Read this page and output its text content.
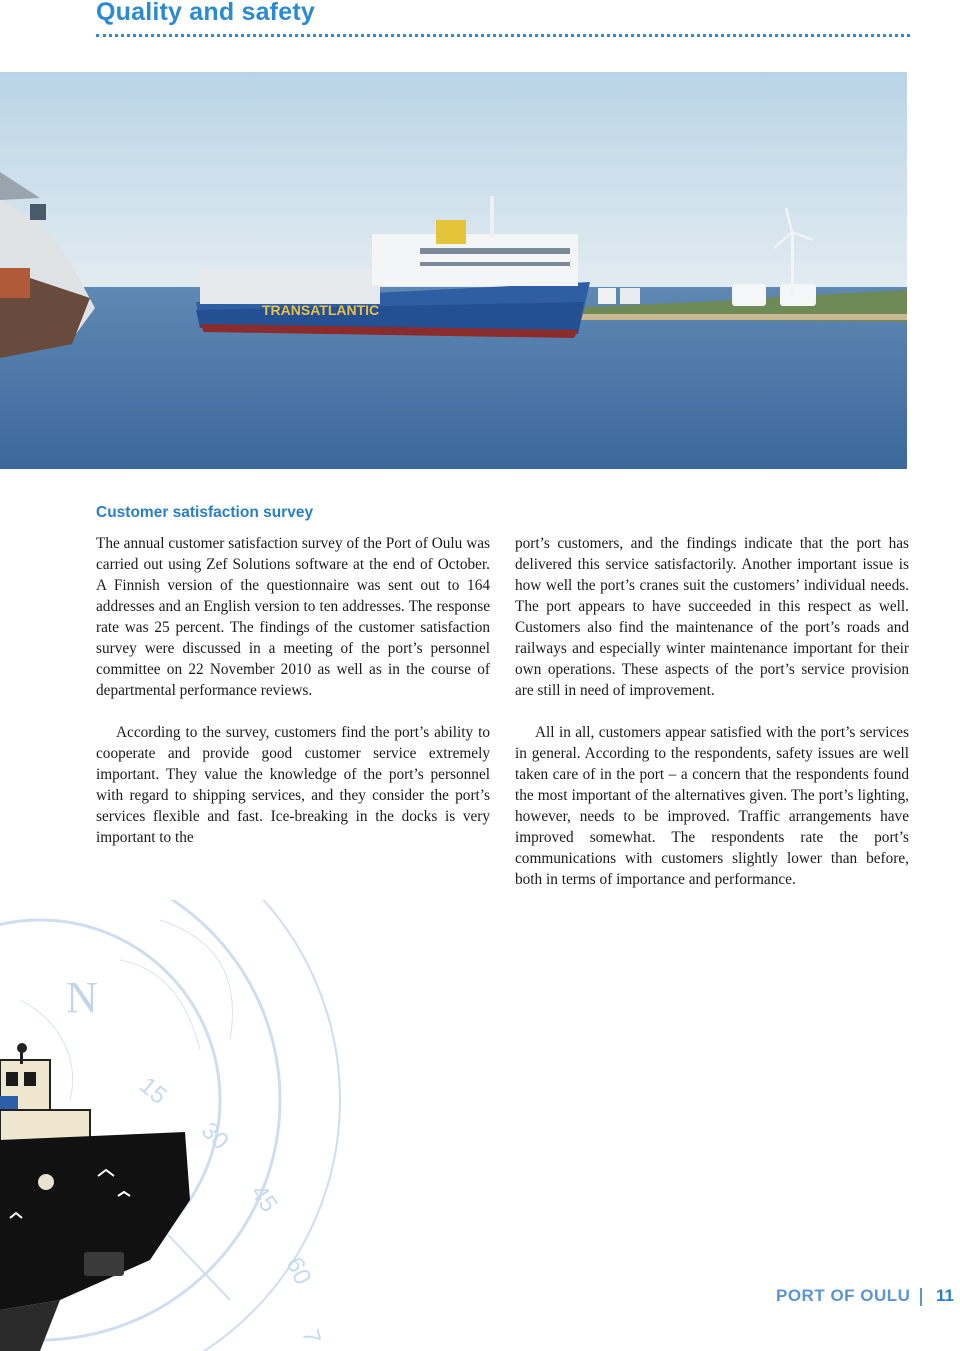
Quality and safety
TRANSATLANTIC
Customer satisfaction survey

The annual customer satisfaction survey of the Port of Oulu was carried out using Zef Solutions software at the end of October. A Finnish version of the questionnaire was sent out to 164 addresses and an English version to ten addresses. The response rate was 25 percent. The findings of the customer satisfaction survey were discussed in a meeting of the port’s personnel committee on 22 November 2010 as well as in the course of departmental performance reviews.

According to the survey, customers find the port’s ability to cooperate and provide good customer service extremely important. They value the knowledge of the port’s personnel with regard to shipping services, and they consider the port’s services flexible and fast. Ice-breaking in the docks is very important to the

port’s customers, and the findings indicate that the port has delivered this service satisfactorily. Another important issue is how well the port’s cranes suit the customers’ individual needs. The port appears to have succeeded in this respect as well. Customers also find the maintenance of the port’s roads and railways and especially winter maintenance important for their own operations. These aspects of the port’s service provision are still in need of improvement.

All in all, customers appear satisfied with the port’s services in general. According to the respondents, safety issues are well taken care of in the port – a concern that the respondents found the most important of the alternatives given. The port’s lighting, however, needs to be improved. Traffic arrangements have improved somewhat. The respondents rate the port’s communications with customers slightly lower than before, both in terms of importance and performance.

N
15
30
45
60
7
PORT OF OULU 11
